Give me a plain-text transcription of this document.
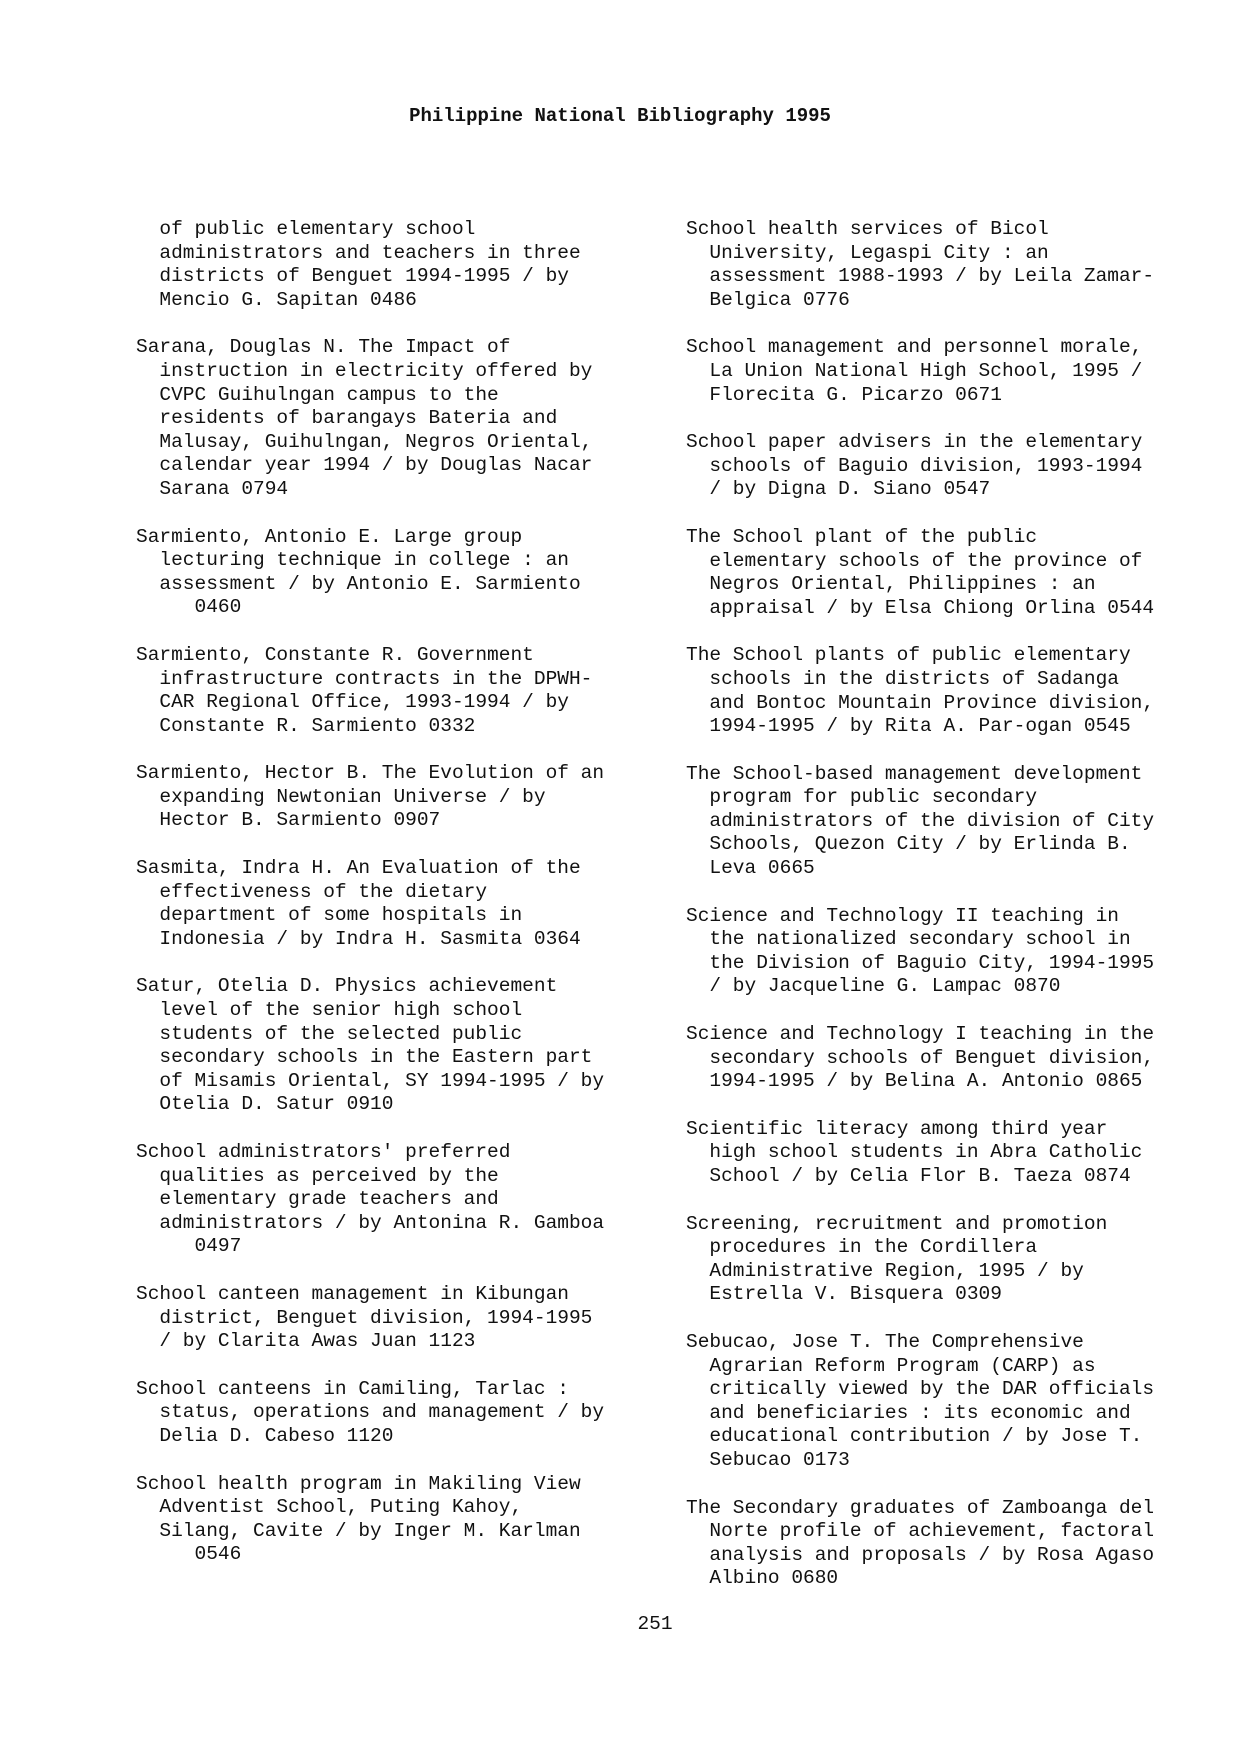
Philippine National Bibliography 1995

of public elementary school
administrators and teachers in three
districts of Benguet 1994-1995 / by
Mencio G. Sapitan 0486

Sarana, Douglas N. The Impact of
instruction in electricity offered by
CVPC Guihulngan campus to the
residents of barangays Bateria and
Malusay, Guihulngan, Negros Oriental,
calendar year 1994 / by Douglas Nacar
Sarana 0794

Sarmiento, Antonio E. Large group
lecturing technique in college : an
assessment / by Antonio E. Sarmiento
0460

Sarmiento, Constante R. Government
infrastructure contracts in the DPWH-
CAR Regional Office, 1993-1994 / by
Constante R. Sarmiento 0332

Sarmiento, Hector B. The Evolution of an
expanding Newtonian Universe / by
Hector B. Sarmiento 0907

Sasmita, Indra H. An Evaluation of the
effectiveness of the dietary
department of some hospitals in
Indonesia / by Indra H. Sasmita 0364

Satur, Otelia D. Physics achievement
level of the senior high school
students of the selected public
secondary schools in the Eastern part
of Misamis Oriental, SY 1994-1995 / by
Otelia D. Satur 0910

School administrators' preferred
qualities as perceived by the
elementary grade teachers and
administrators / by Antonina R. Gamboa
0497

School canteen management in Kibungan
district, Benguet division, 1994-1995
/ by Clarita Awas Juan 1123

School canteens in Camiling, Tarlac :
status, operations and management / by
Delia D. Cabeso 1120

School health program in Makiling View
Adventist School, Puting Kahoy,
Silang, Cavite / by Inger M. Karlman
0546

School health services of Bicol
University, Legaspi City : an
assessment 1988-1993 / by Leila Zamar-
Belgica 0776

School management and personnel morale,
La Union National High School, 1995 /
Florecita G. Picarzo 0671

School paper advisers in the elementary
schools of Baguio division, 1993-1994
/ by Digna D. Siano 0547

The School plant of the public
elementary schools of the province of
Negros Oriental, Philippines : an
appraisal / by Elsa Chiong Orlina 0544

The School plants of public elementary
schools in the districts of Sadanga
and Bontoc Mountain Province division,
1994-1995 / by Rita A. Par-ogan 0545

The School-based management development
program for public secondary
administrators of the division of City
Schools, Quezon City / by Erlinda B.
Leva 0665

Science and Technology II teaching in
the nationalized secondary school in
the Division of Baguio City, 1994-1995
/ by Jacqueline G. Lampac 0870

Science and Technology I teaching in the
secondary schools of Benguet division,
1994-1995 / by Belina A. Antonio 0865

Scientific literacy among third year
high school students in Abra Catholic
School / by Celia Flor B. Taeza 0874

Screening, recruitment and promotion
procedures in the Cordillera
Administrative Region, 1995 / by
Estrella V. Bisquera 0309

Sebucao, Jose T. The Comprehensive
Agrarian Reform Program (CARP) as
critically viewed by the DAR officials
and beneficiaries : its economic and
educational contribution / by Jose T.
Sebucao 0173

The Secondary graduates of Zamboanga del
Norte profile of achievement, factoral
analysis and proposals / by Rosa Agaso
Albino 0680

251
